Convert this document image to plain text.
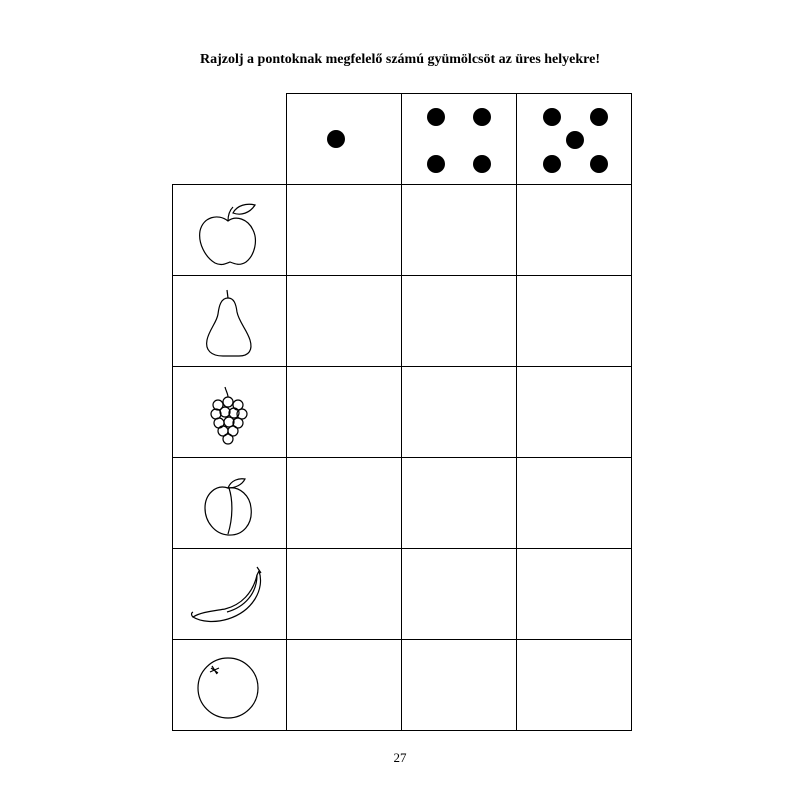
Rajzolj a pontoknak megfelelő számú gyümölcsöt az üres helyekre!
27
